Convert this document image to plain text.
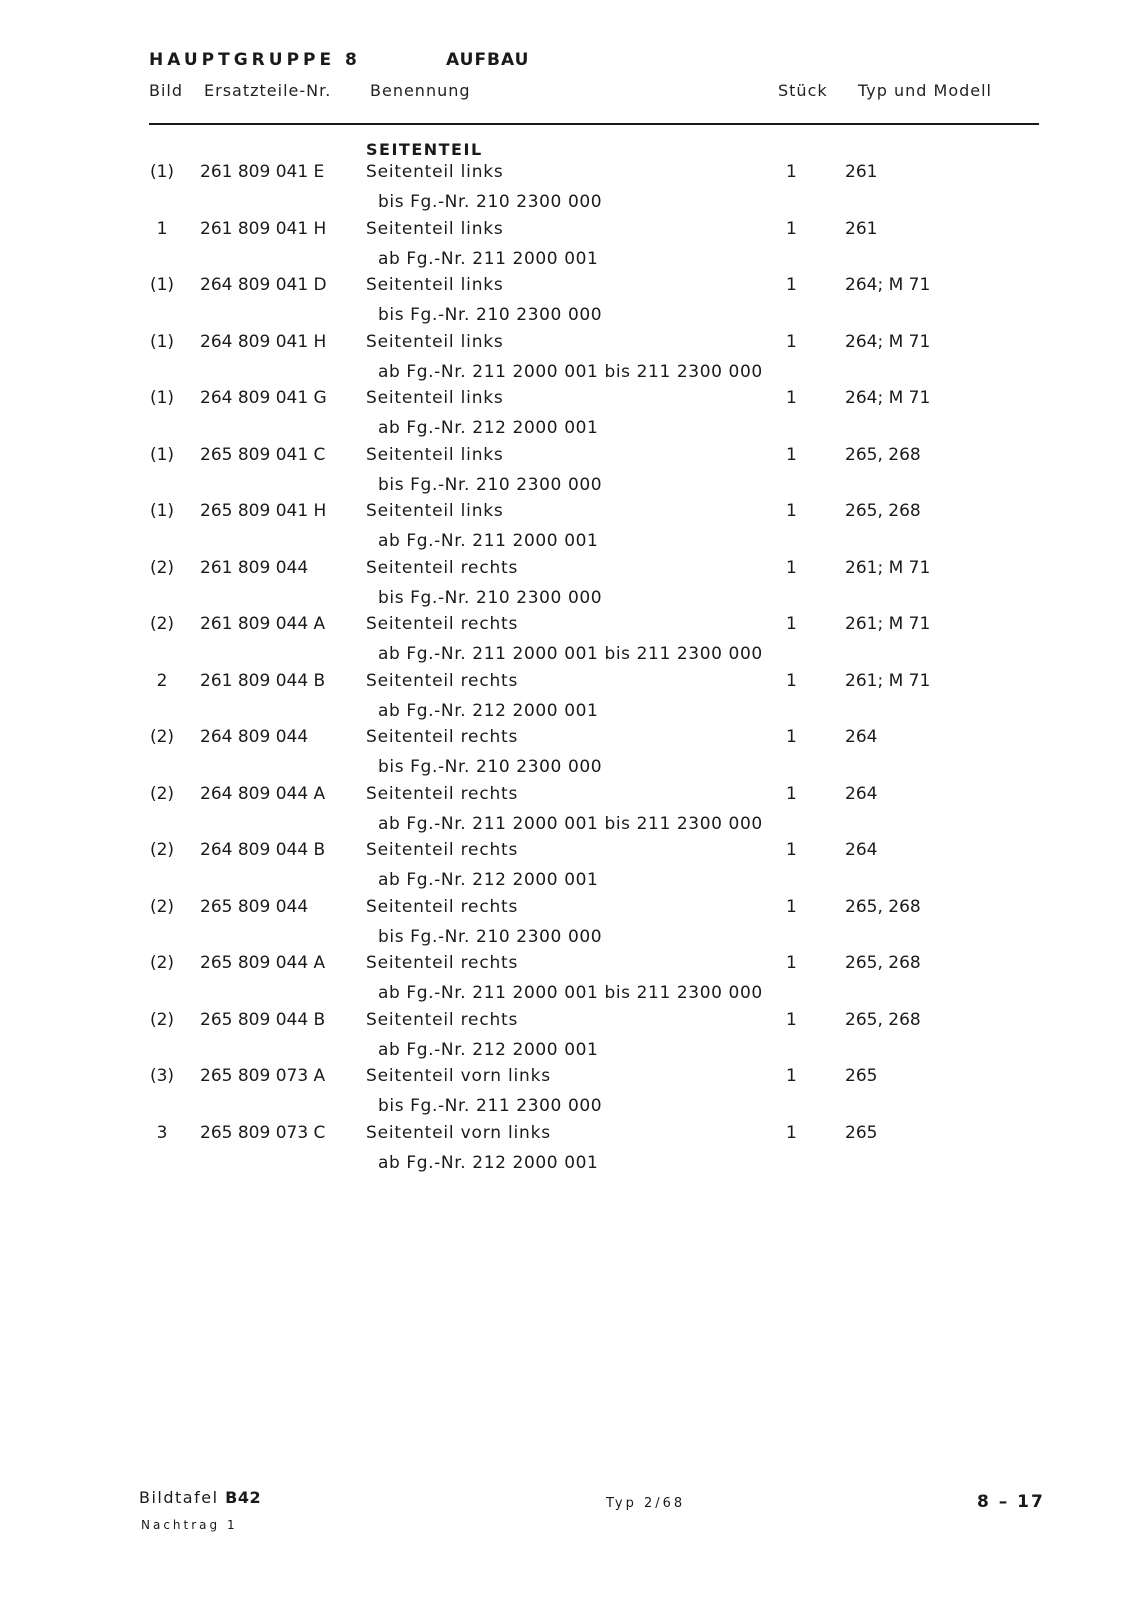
HAUPTGRUPPE 8	AUFBAU
Bild Ersatzteile-Nr. Benennung	Stück Typ und Modell
SEITENTEIL
(1) 261 809 041 E Seitenteil links	1	261
bis Fg.-Nr. 210 2300 000
1	261 809 041 H Seitenteil links	1	261
ab Fg.-Nr. 211 2000 001
(1) 264 809 041 D Seitenteil links	1	264; M 71
bis Fg.-Nr. 210 2300 000
(1) 264 809 041 H Seitenteil links	1	264; M 71
ab Fg.-Nr. 211 2000 001 bis 211 2300 000
(1) 264 809 041 G Seitenteil links	1	264; M 71
ab Fg.-Nr. 212 2000 001
(1) 265 809 041 C Seitenteil links	1	265, 268
bis Fg.-Nr. 210 2300 000
(1) 265 809 041 H Seitenteil links	1	265, 268
ab Fg.-Nr. 211 2000 001
(2) 261 809 044	Seitenteil rechts	1	261; M 71
bis Fg.-Nr. 210 2300 000
(2) 261 809 044 A Seitenteil rechts	1	261; M 71
ab Fg.-Nr. 211 2000 001 bis 211 2300 000
2	261 809 044 B Seitenteil rechts	1	261; M 71
ab Fg.-Nr. 212 2000 001
(2) 264 809 044	Seitenteil rechts	1	264
bis Fg.-Nr. 210 2300 000
(2) 264 809 044 A Seitenteil rechts	1	264
ab Fg.-Nr. 211 2000 001 bis 211 2300 000
(2) 264 809 044 B Seitenteil rechts	1	264
ab Fg.-Nr. 212 2000 001
(2) 265 809 044	Seitenteil rechts	1	265, 268
bis Fg.-Nr. 210 2300 000
(2) 265 809 044 A Seitenteil rechts	1	265, 268
ab Fg.-Nr. 211 2000 001 bis 211 2300 000
(2) 265 809 044 B Seitenteil rechts	1	265, 268
ab Fg.-Nr. 212 2000 001
(3) 265 809 073 A Seitenteil vorn links	1	265
bis Fg.-Nr. 211 2300 000
3	265 809 073 C Seitenteil vorn links	1	265
ab Fg.-Nr. 212 2000 001
Bildtafel B42
Nachtrag 1
Typ 2/68	8 – 17
